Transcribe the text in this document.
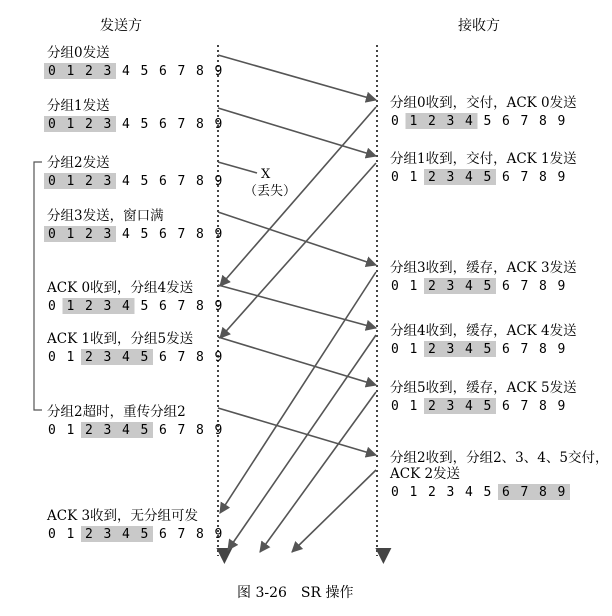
发送方	接收方
X
（丢失）
分组0发送
0 1 2 3 4 5 6 7 8 9
分组1发送
0 1 2 3 4 5 6 7 8 9
分组2发送
0 1 2 3 4 5 6 7 8 9
分组3发送，窗口满
0 1 2 3 4 5 6 7 8 9
ACK 0收到，分组4发送
0 1 2 3 4 5 6 7 8 9
ACK 1收到，分组5发送
0 1 2 3 4 5 6 7 8 9
分组2超时，重传分组2
0 1 2 3 4 5 6 7 8 9
ACK 3收到，无分组可发
0 1 2 3 4 5 6 7 8 9
分组0收到，交付，ACK 0发送
0 1 2 3 4 5 6 7 8 9
分组1收到，交付，ACK 1发送
0 1 2 3 4 5 6 7 8 9
分组3收到，缓存，ACK 3发送
0 1 2 3 4 5 6 7 8 9
分组4收到，缓存，ACK 4发送
0 1 2 3 4 5 6 7 8 9
分组5收到，缓存，ACK 5发送
0 1 2 3 4 5 6 7 8 9
分组2收到，分组2、3、4、5交付，
ACK 2发送
0 1 2 3 4 5 6 7 8 9
图 3-26　SR 操作
